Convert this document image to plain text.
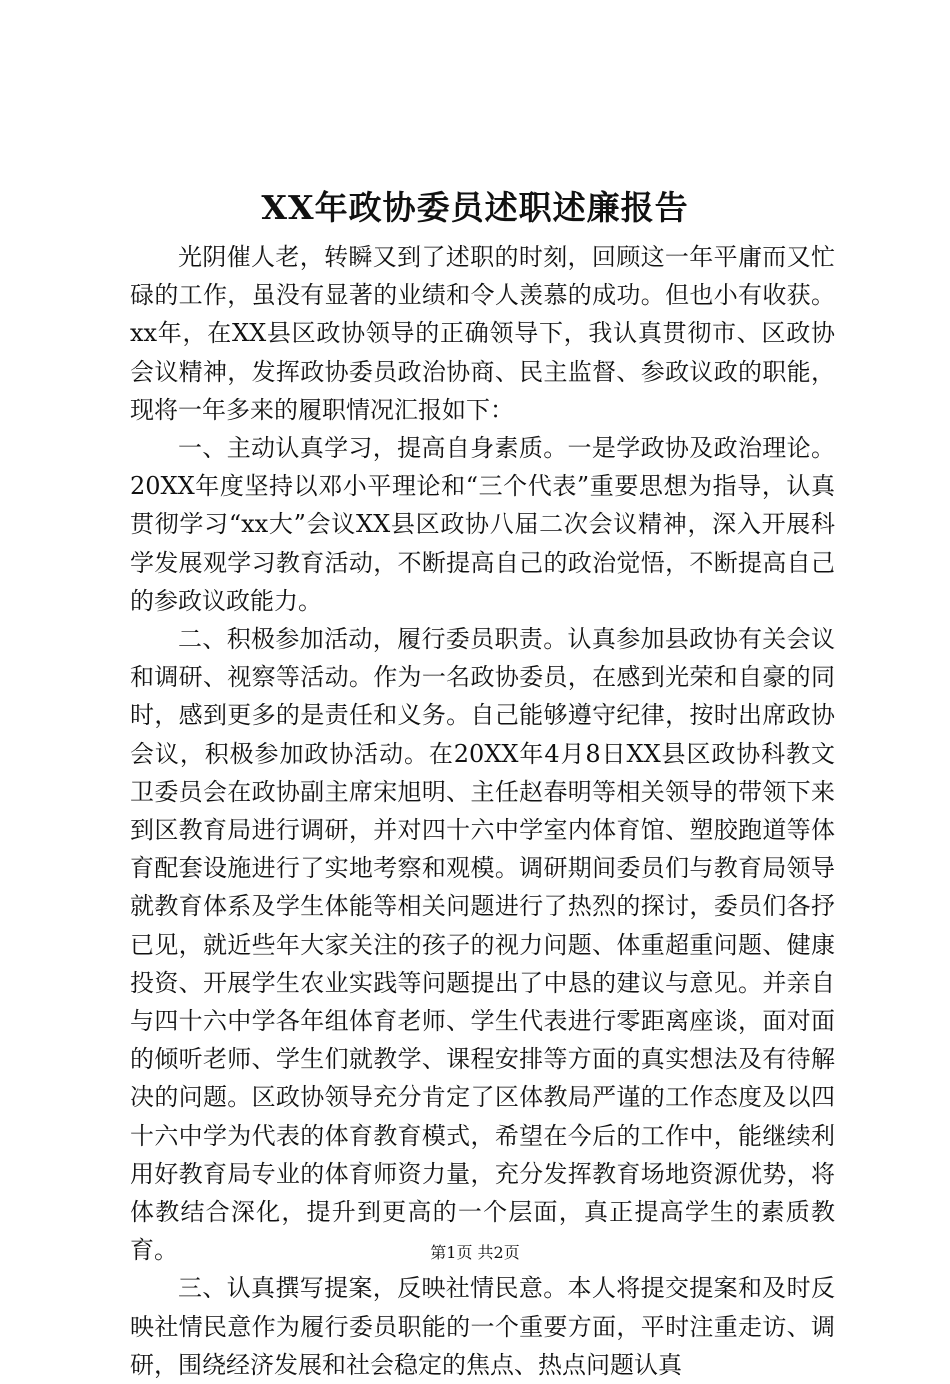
XX年政协委员述职述廉报告

光阴催人老，转瞬又到了述职的时刻，回顾这一年平庸而又忙碌的工作，虽没有显著的业绩和令人羡慕的成功。但也小有收获。xx年，在XX县区政协领导的正确领导下，我认真贯彻市、区政协会议精神，发挥政协委员政治协商、民主监督、参政议政的职能，现将一年多来的履职情况汇报如下：

一、主动认真学习，提高自身素质。一是学政协及政治理论。20XX年度坚持以邓小平理论和“三个代表”重要思想为指导，认真贯彻学习“xx大”会议XX县区政协八届二次会议精神，深入开展科学发展观学习教育活动，不断提高自己的政治觉悟，不断提高自己的参政议政能力。

二、积极参加活动，履行委员职责。认真参加县政协有关会议和调研、视察等活动。作为一名政协委员，在感到光荣和自豪的同时，感到更多的是责任和义务。自己能够遵守纪律，按时出席政协会议，积极参加政协活动。在20XX年4月8日XX县区政协科教文卫委员会在政协副主席宋旭明、主任赵春明等相关领导的带领下来到区教育局进行调研，并对四十六中学室内体育馆、塑胶跑道等体育配套设施进行了实地考察和观模。调研期间委员们与教育局领导就教育体系及学生体能等相关问题进行了热烈的探讨，委员们各抒已见，就近些年大家关注的孩子的视力问题、体重超重问题、健康投资、开展学生农业实践等问题提出了中恳的建议与意见。并亲自与四十六中学各年组体育老师、学生代表进行零距离座谈，面对面的倾听老师、学生们就教学、课程安排等方面的真实想法及有待解决的问题。区政协领导充分肯定了区体教局严谨的工作态度及以四十六中学为代表的体育教育模式，希望在今后的工作中，能继续利用好教育局专业的体育师资力量，充分发挥教育场地资源优势，将体教结合深化，提升到更高的一个层面，真正提高学生的素质教育。

三、认真撰写提案，反映社情民意。本人将提交提案和及时反映社情民意作为履行委员职能的一个重要方面，平时注重走访、调研，围绕经济发展和社会稳定的焦点、热点问题认真

第1页 共2页
